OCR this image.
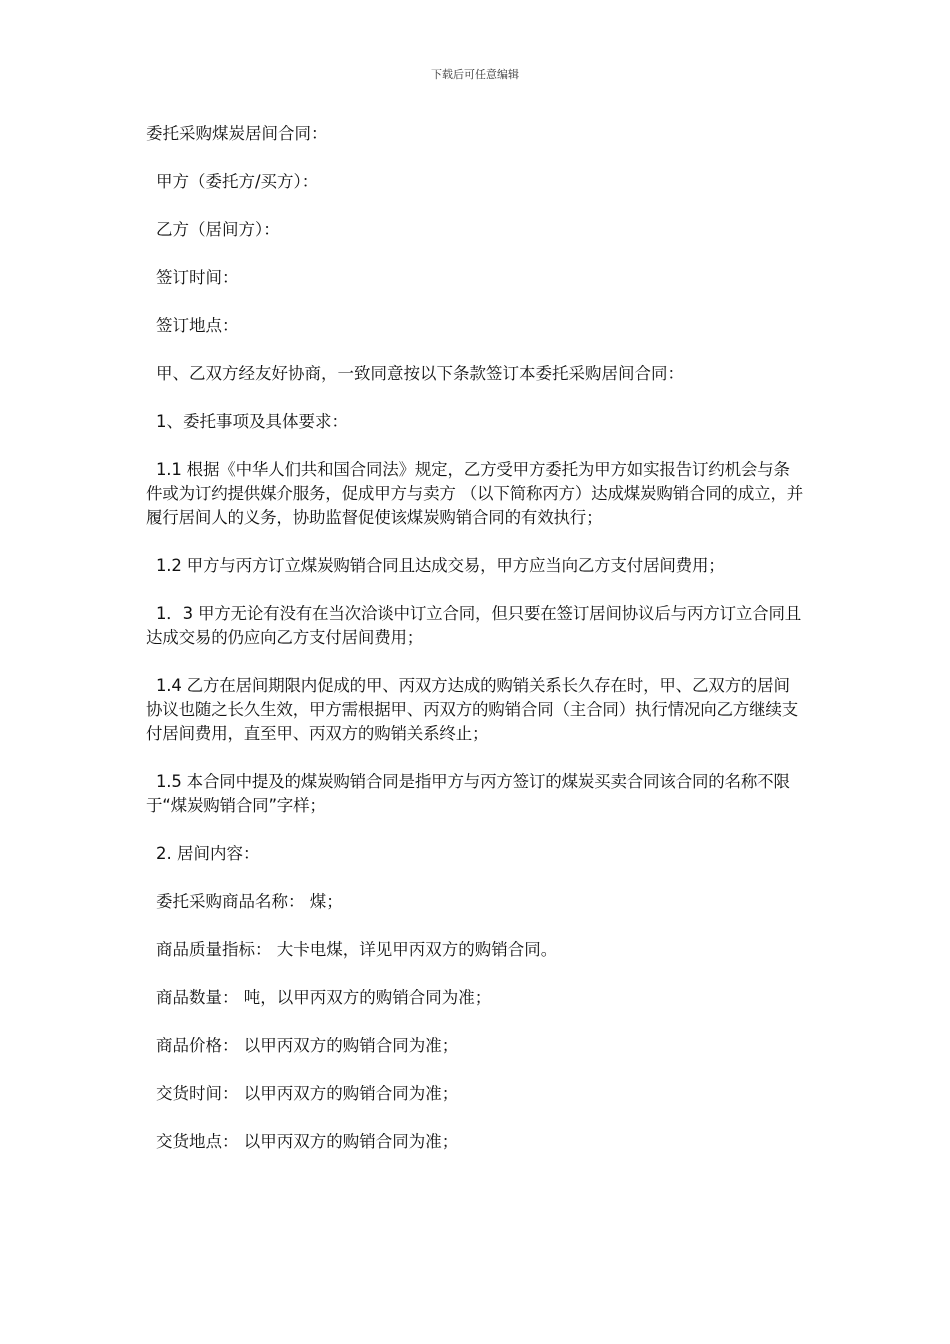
下载后可任意编辑

委托采购煤炭居间合同：

甲方（委托方/买方）：

乙方（居间方）：

签订时间：

签订地点：

甲、乙双方经友好协商，一致同意按以下条款签订本委托采购居间合同：

1、委托事项及具体要求：

1.1 根据《中华人们共和国合同法》规定，乙方受甲方委托为甲方如实报告订约机会与条件或为订约提供媒介服务，促成甲方与卖方 （以下简称丙方）达成煤炭购销合同的成立，并履行居间人的义务，协助监督促使该煤炭购销合同的有效执行；

1.2 甲方与丙方订立煤炭购销合同且达成交易，甲方应当向乙方支付居间费用；

1．3 甲方无论有没有在当次洽谈中订立合同，但只要在签订居间协议后与丙方订立合同且达成交易的仍应向乙方支付居间费用；

1.4 乙方在居间期限内促成的甲、丙双方达成的购销关系长久存在时，甲、乙双方的居间协议也随之长久生效，甲方需根据甲、丙双方的购销合同（主合同）执行情况向乙方继续支付居间费用，直至甲、丙双方的购销关系终止；

1.5 本合同中提及的煤炭购销合同是指甲方与丙方签订的煤炭买卖合同该合同的名称不限于“煤炭购销合同”字样；

2. 居间内容：

委托采购商品名称： 煤；

商品质量指标： 大卡电煤，详见甲丙双方的购销合同。

商品数量： 吨，以甲丙双方的购销合同为准；

商品价格： 以甲丙双方的购销合同为准；

交货时间： 以甲丙双方的购销合同为准；

交货地点： 以甲丙双方的购销合同为准；
